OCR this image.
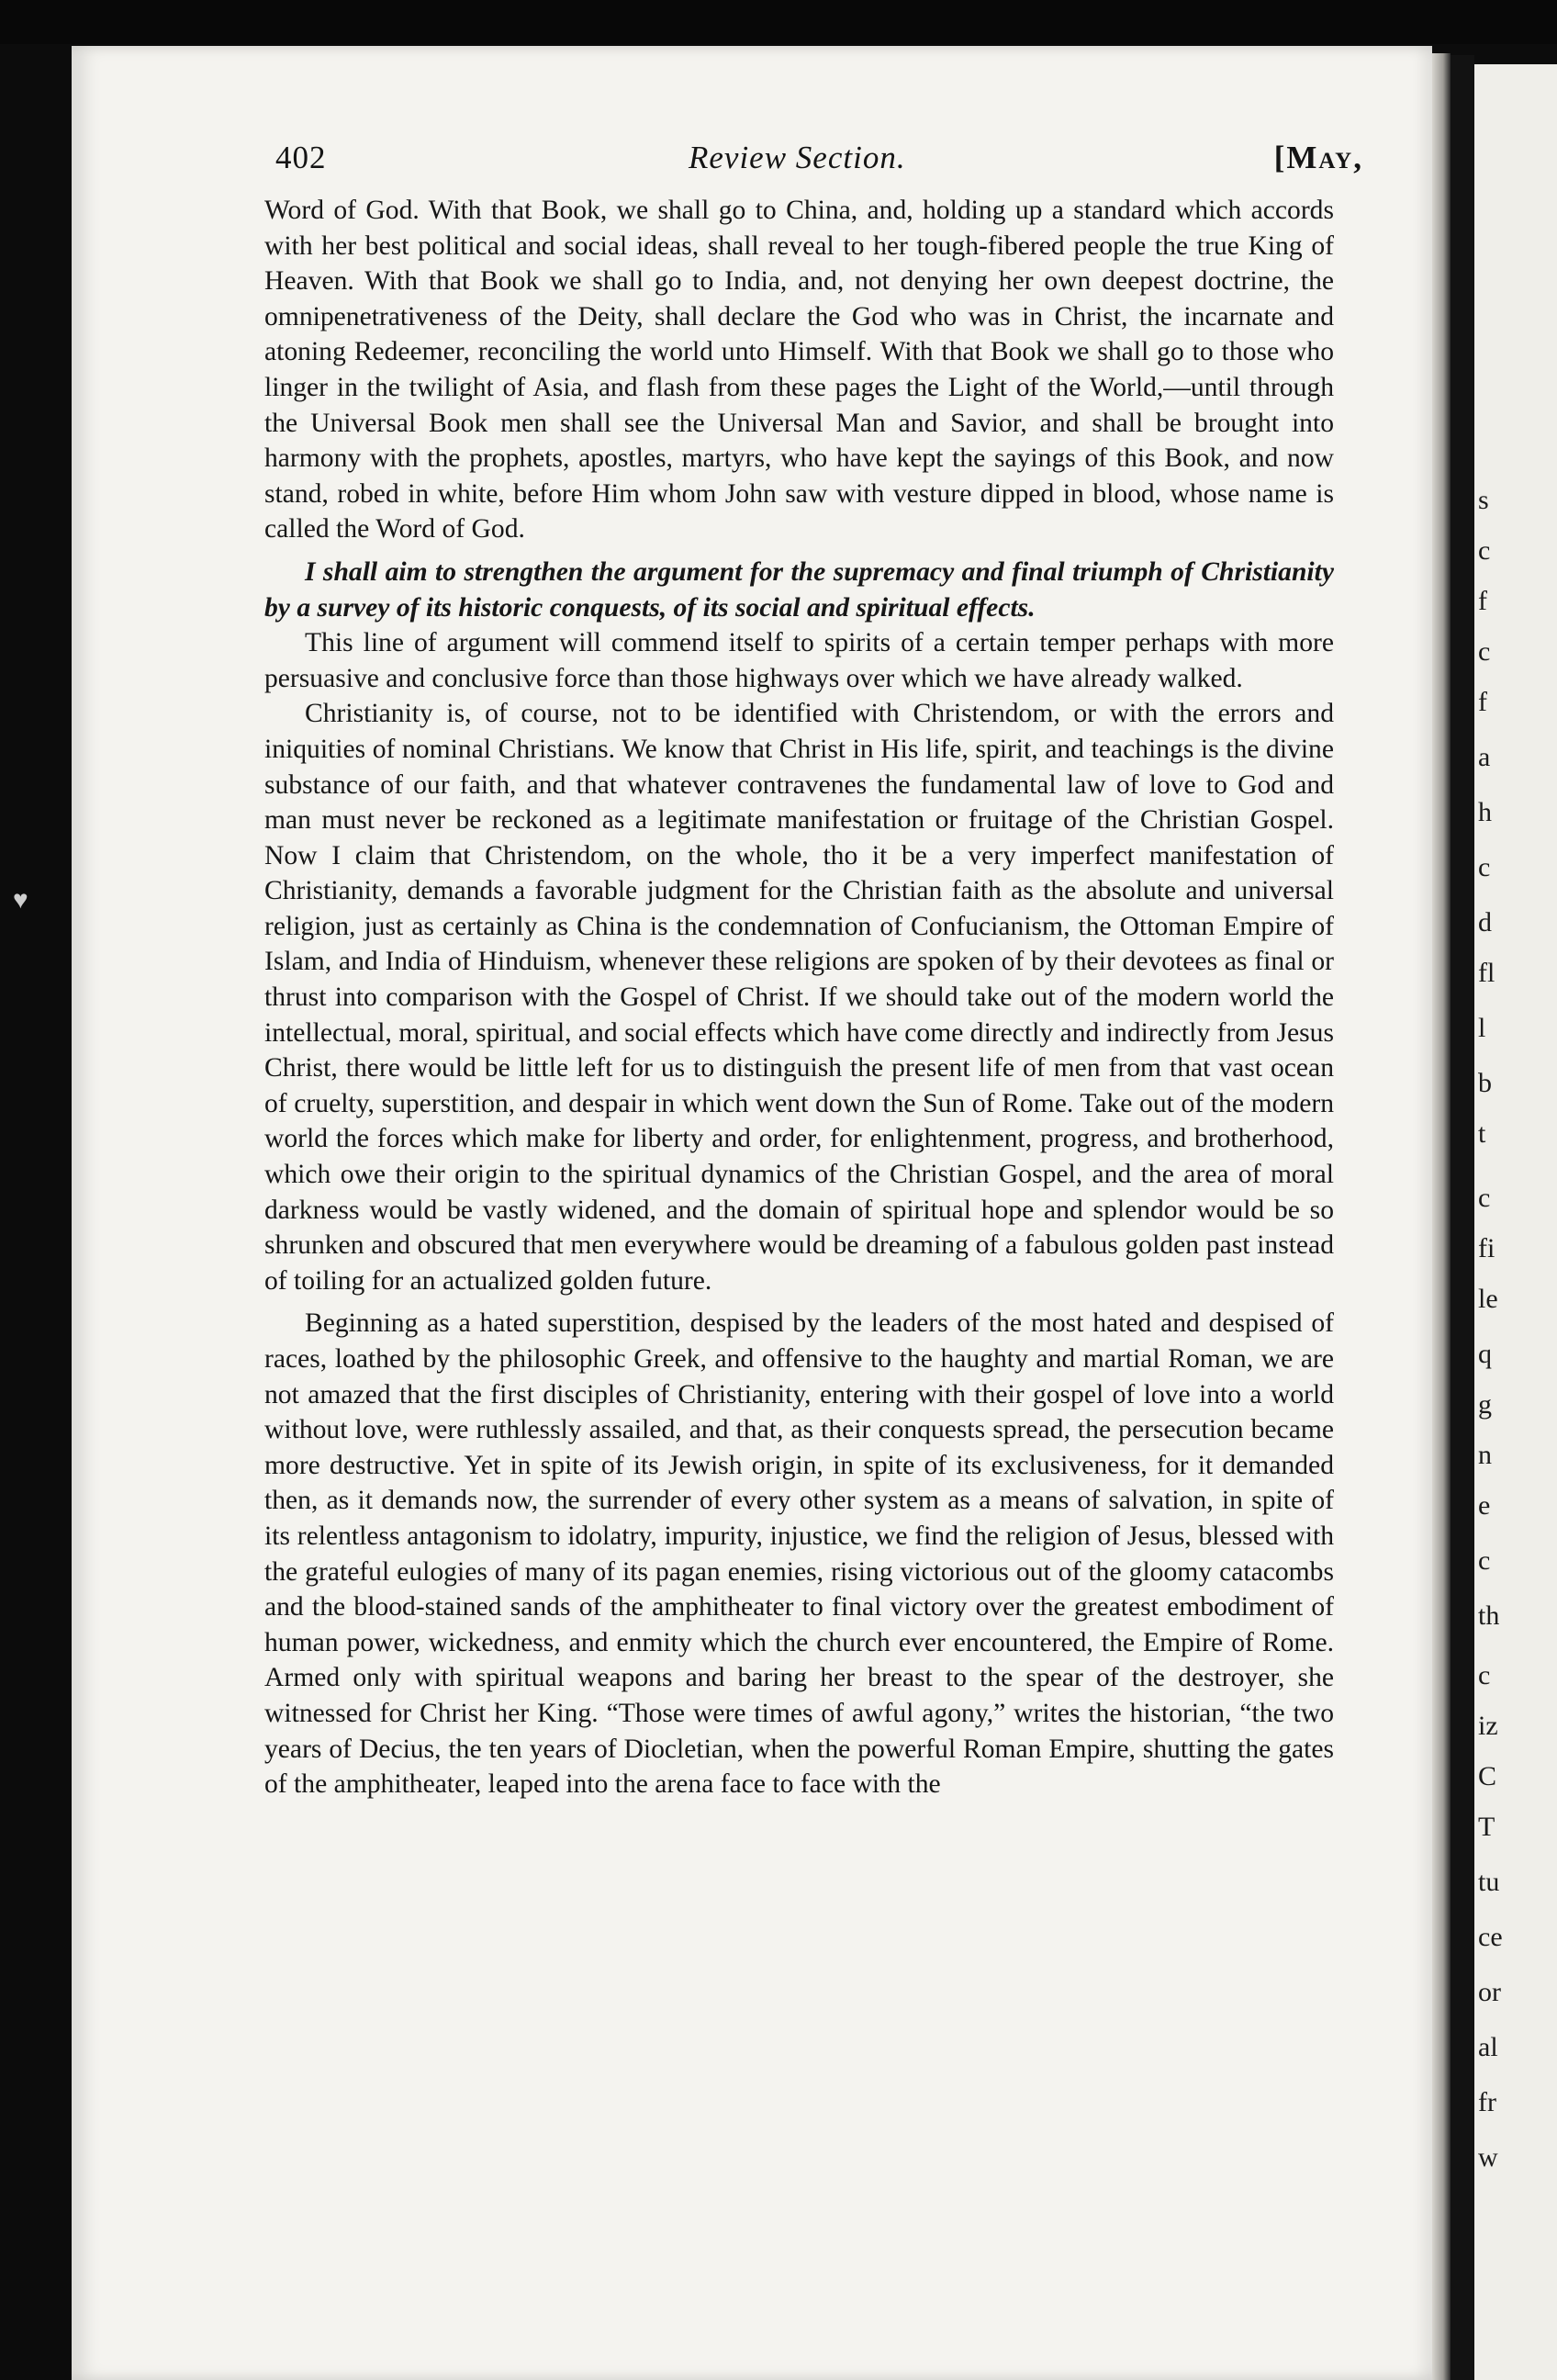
♥
s
c
f
c
f
a
h
c
d
fl
l
b
t
c
fi
le
q
g
n
e
c
th
c
iz
C
T
tu
ce
or
al
fr
w
402	Review Section.	[May,

Word of God. With that Book, we shall go to China, and, holding up a standard which accords with her best political and social ideas, shall reveal to her tough-fibered people the true King of Heaven. With that Book we shall go to India, and, not denying her own deepest doctrine, the omnipenetrativeness of the Deity, shall declare the God who was in Christ, the incarnate and atoning Redeemer, reconciling the world unto Himself. With that Book we shall go to those who linger in the twilight of Asia, and flash from these pages the Light of the World,—until through the Universal Book men shall see the Universal Man and Savior, and shall be brought into harmony with the prophets, apostles, martyrs, who have kept the sayings of this Book, and now stand, robed in white, before Him whom John saw with vesture dipped in blood, whose name is called the Word of God.

I shall aim to strengthen the argument for the supremacy and final triumph of Christianity by a survey of its historic conquests, of its social and spiritual effects.

This line of argument will commend itself to spirits of a certain temper perhaps with more persuasive and conclusive force than those highways over which we have already walked.

Christianity is, of course, not to be identified with Christendom, or with the errors and iniquities of nominal Christians. We know that Christ in His life, spirit, and teachings is the divine substance of our faith, and that whatever contravenes the fundamental law of love to God and man must never be reckoned as a legitimate manifestation or fruitage of the Christian Gospel. Now I claim that Christendom, on the whole, tho it be a very imperfect manifestation of Christianity, demands a favorable judgment for the Christian faith as the absolute and universal religion, just as certainly as China is the condemnation of Confucianism, the Ottoman Empire of Islam, and India of Hinduism, whenever these religions are spoken of by their devotees as final or thrust into comparison with the Gospel of Christ. If we should take out of the modern world the intellectual, moral, spiritual, and social effects which have come directly and indirectly from Jesus Christ, there would be little left for us to distinguish the present life of men from that vast ocean of cruelty, superstition, and despair in which went down the Sun of Rome. Take out of the modern world the forces which make for liberty and order, for enlightenment, progress, and brotherhood, which owe their origin to the spiritual dynamics of the Christian Gospel, and the area of moral darkness would be vastly widened, and the domain of spiritual hope and splendor would be so shrunken and obscured that men everywhere would be dreaming of a fabulous golden past instead of toiling for an actualized golden future.

Beginning as a hated superstition, despised by the leaders of the most hated and despised of races, loathed by the philosophic Greek, and offensive to the haughty and martial Roman, we are not amazed that the first disciples of Christianity, entering with their gospel of love into a world without love, were ruthlessly assailed, and that, as their conquests spread, the persecution became more destructive. Yet in spite of its Jewish origin, in spite of its exclusiveness, for it demanded then, as it demands now, the surrender of every other system as a means of salvation, in spite of its relentless antagonism to idolatry, impurity, injustice, we find the religion of Jesus, blessed with the grateful eulogies of many of its pagan enemies, rising victorious out of the gloomy catacombs and the blood-stained sands of the amphitheater to final victory over the greatest embodiment of human power, wickedness, and enmity which the church ever encountered, the Empire of Rome. Armed only with spiritual weapons and baring her breast to the spear of the destroyer, she witnessed for Christ her King. “Those were times of awful agony,” writes the historian, “the two years of Decius, the ten years of Diocletian, when the powerful Roman Empire, shutting the gates of the amphitheater, leaped into the arena face to face with the
